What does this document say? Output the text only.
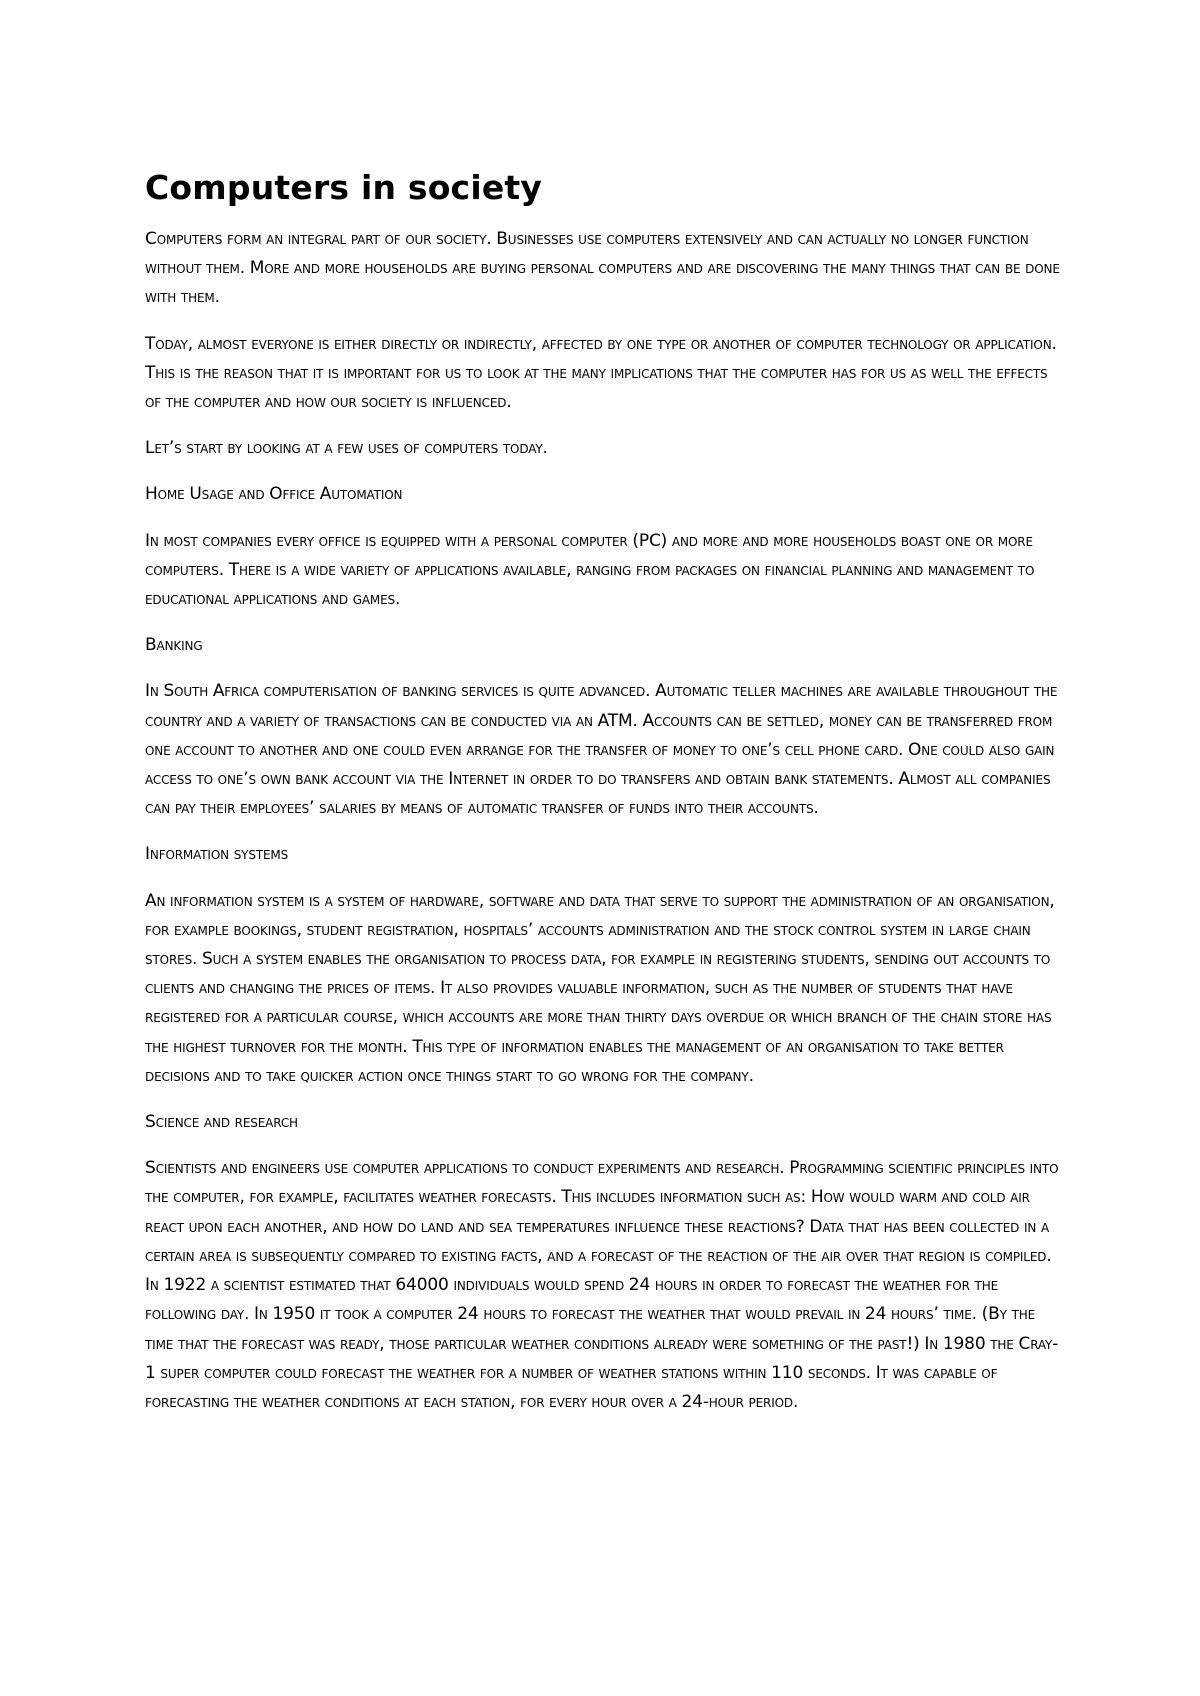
Computers in society

Computers form an integral part of our society. Businesses use computers extensively and can actually no longer function without them. More and more households are buying personal computers and are discovering the many things that can be done with them.

Today, almost everyone is either directly or indirectly, affected by one type or another of computer technology or application. This is the reason that it is important for us to look at the many implications that the computer has for us as well the effects of the computer and how our society is influenced.

Let’s start by looking at a few uses of computers today.

Home Usage and Office Automation

In most companies every office is equipped with a personal computer (PC) and more and more households boast one or more computers. There is a wide variety of applications available, ranging from packages on financial planning and management to educational applications and games.

Banking

In South Africa computerisation of banking services is quite advanced. Automatic teller machines are available throughout the country and a variety of transactions can be conducted via an ATM. Accounts can be settled, money can be transferred from one account to another and one could even arrange for the transfer of money to one’s cell phone card. One could also gain access to one’s own bank account via the Internet in order to do transfers and obtain bank statements. Almost all companies can pay their employees’ salaries by means of automatic transfer of funds into their accounts.

Information systems

An information system is a system of hardware, software and data that serve to support the administration of an organisation, for example bookings, student registration, hospitals’ accounts administration and the stock control system in large chain stores. Such a system enables the organisation to process data, for example in registering students, sending out accounts to clients and changing the prices of items. It also provides valuable information, such as the number of students that have registered for a particular course, which accounts are more than thirty days overdue or which branch of the chain store has the highest turnover for the month. This type of information enables the management of an organisation to take better decisions and to take quicker action once things start to go wrong for the company.

Science and research

Scientists and engineers use computer applications to conduct experiments and research. Programming scientific principles into the computer, for example, facilitates weather forecasts. This includes information such as: How would warm and cold air react upon each another, and how do land and sea temperatures influence these reactions? Data that has been collected in a certain area is subsequently compared to existing facts, and a forecast of the reaction of the air over that region is compiled. In 1922 a scientist estimated that 64000 individuals would spend 24 hours in order to forecast the weather for the following day. In 1950 it took a computer 24 hours to forecast the weather that would prevail in 24 hours’ time. (By the time that the forecast was ready, those particular weather conditions already were something of the past!) In 1980 the Cray-1 super computer could forecast the weather for a number of weather stations within 110 seconds. It was capable of forecasting the weather conditions at each station, for every hour over a 24-hour period.
